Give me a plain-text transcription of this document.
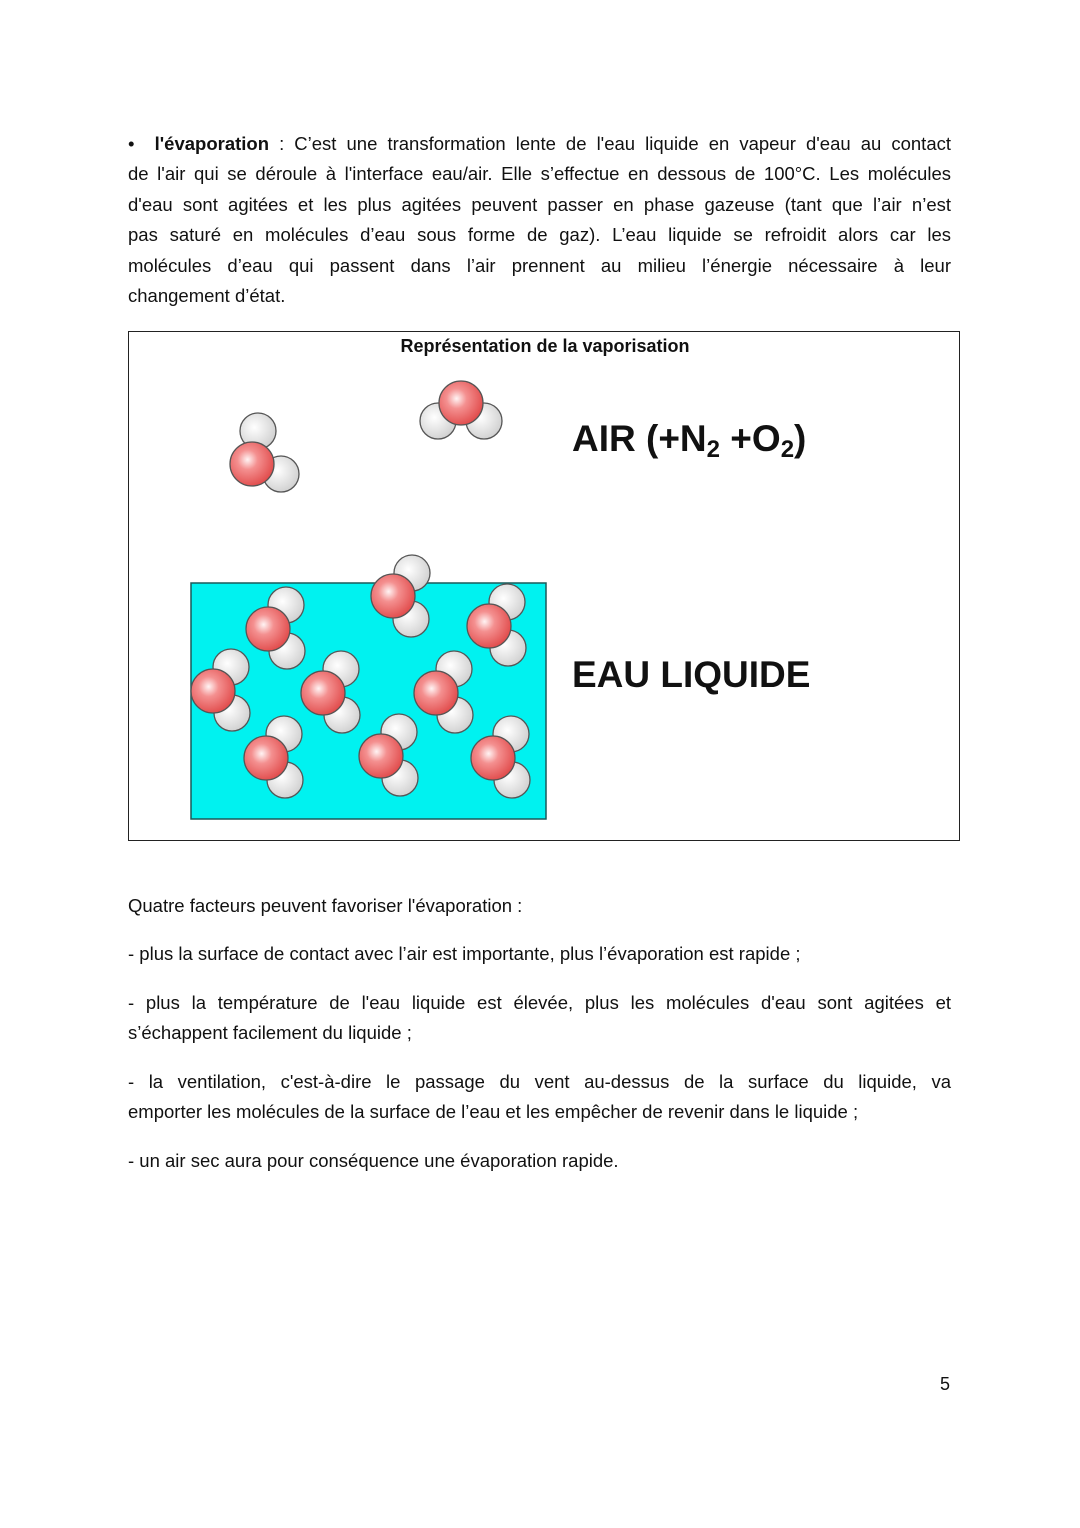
• l'évaporation : C’est une transformation lente de l'eau liquide en vapeur d'eau au contact
de l'air qui se déroule à l'interface eau/air. Elle s’effectue en dessous de 100°C. Les molécules
d'eau sont agitées et les plus agitées peuvent passer en phase gazeuse (tant que l’air n’est
pas saturé en molécules d’eau sous forme de gaz). L’eau liquide se refroidit alors car les
molécules d’eau qui passent dans l’air prennent au milieu l’énergie nécessaire à leur
changement d’état.
Représentation de la vaporisation
AIR $(+N_2 +O_2)$
EAU LIQUIDE
Quatre facteurs peuvent favoriser l'évaporation :
- plus la surface de contact avec l’air est importante, plus l’évaporation est rapide ;
- plus la température de l'eau liquide est élevée, plus les molécules d'eau sont agitées et
s’échappent facilement du liquide ;
- la ventilation, c'est-à-dire le passage du vent au-dessus de la surface du liquide, va
emporter les molécules de la surface de l’eau et les empêcher de revenir dans le liquide ;
- un air sec aura pour conséquence une évaporation rapide.
5
